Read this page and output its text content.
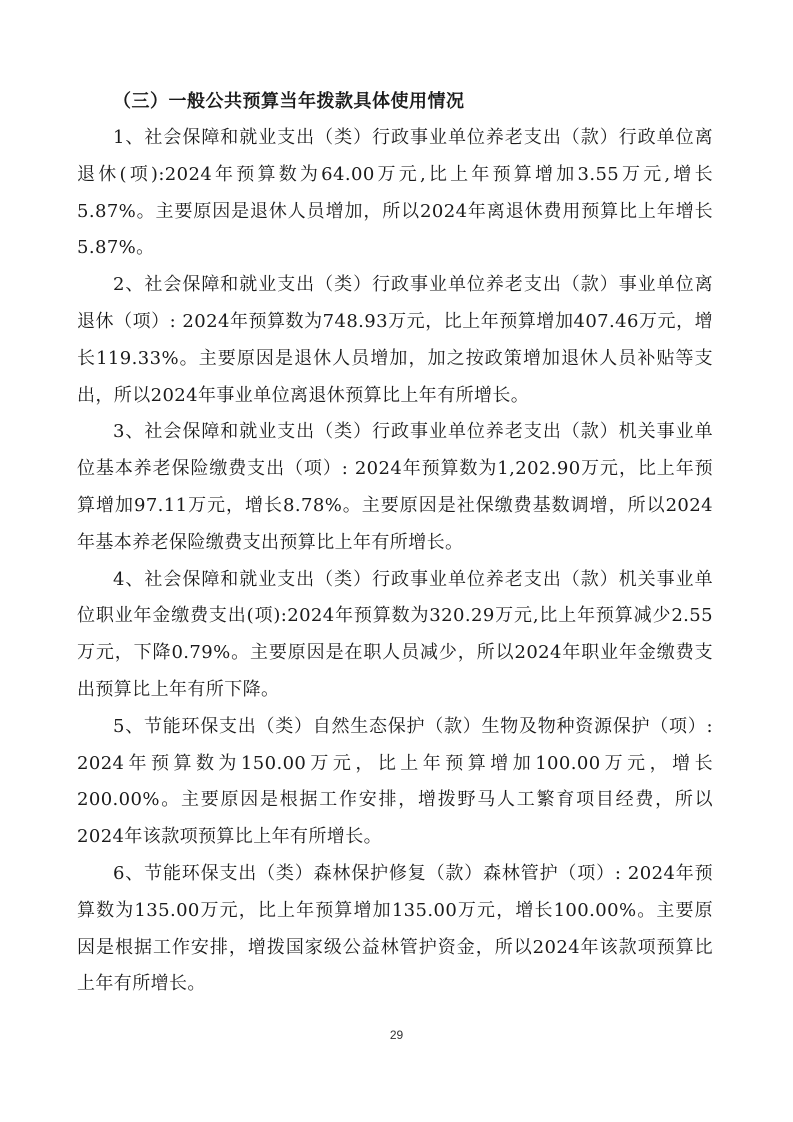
（三）一般公共预算当年拨款具体使用情况

1、社会保障和就业支出（类）行政事业单位养老支出（款）行政单位离退休(项):2024年预算数为64.00万元,比上年预算增加3.55万元,增长5.87%。主要原因是退休人员增加，所以2024年离退休费用预算比上年增长5.87%。

2、社会保障和就业支出（类）行政事业单位养老支出（款）事业单位离退休（项）: 2024年预算数为748.93万元，比上年预算增加407.46万元，增长119.33%。主要原因是退休人员增加，加之按政策增加退休人员补贴等支出，所以2024年事业单位离退休预算比上年有所增长。

3、社会保障和就业支出（类）行政事业单位养老支出（款）机关事业单位基本养老保险缴费支出（项）: 2024年预算数为1,202.90万元，比上年预算增加97.11万元，增长8.78%。主要原因是社保缴费基数调增，所以2024年基本养老保险缴费支出预算比上年有所增长。

4、社会保障和就业支出（类）行政事业单位养老支出（款）机关事业单位职业年金缴费支出(项):2024年预算数为320.29万元,比上年预算减少2.55万元，下降0.79%。主要原因是在职人员减少，所以2024年职业年金缴费支出预算比上年有所下降。

5、节能环保支出（类）自然生态保护（款）生物及物种资源保护（项）: 2024年预算数为150.00万元，比上年预算增加100.00万元，增长200.00%。主要原因是根据工作安排，增拨野马人工繁育项目经费，所以2024年该款项预算比上年有所增长。

6、节能环保支出（类）森林保护修复（款）森林管护（项）: 2024年预算数为135.00万元，比上年预算增加135.00万元，增长100.00%。主要原因是根据工作安排，增拨国家级公益林管护资金，所以2024年该款项预算比上年有所增长。

29
